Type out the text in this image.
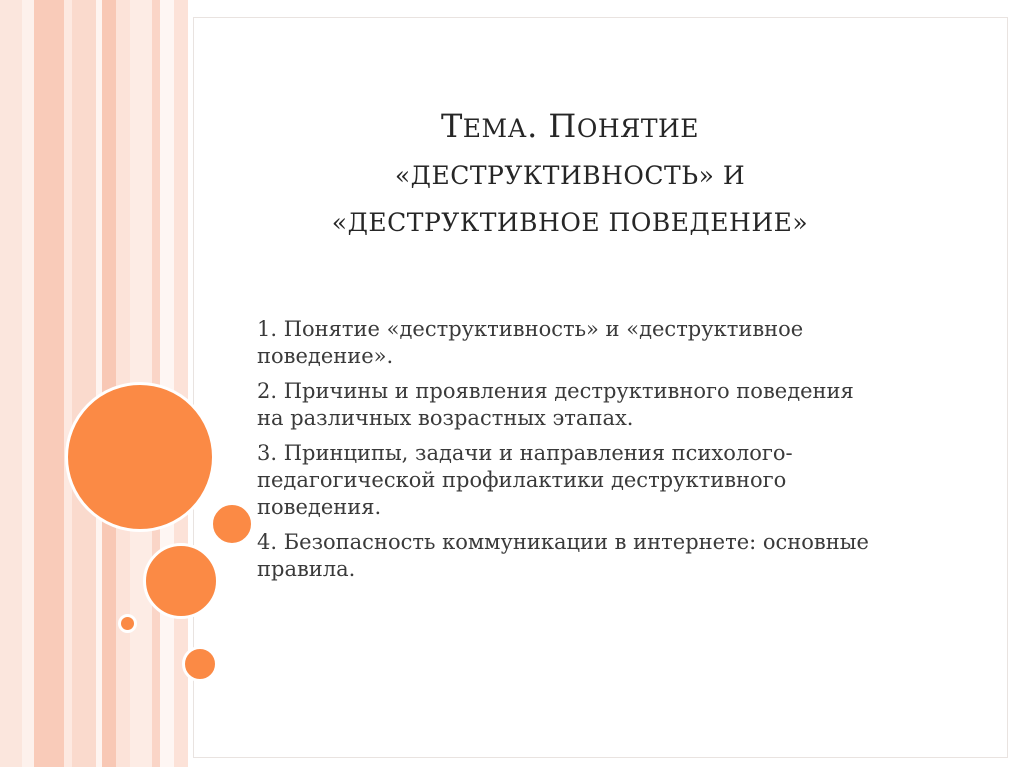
ТЕМА. ПОНЯТИЕ
«ДЕСТРУКТИВНОСТЬ» И
«ДЕСТРУКТИВНОЕ ПОВЕДЕНИЕ»
1. Понятие «деструктивность» и «деструктивное
поведение».
2. Причины и проявления деструктивного поведения
на различных возрастных этапах.
3. Принципы, задачи и направления психолого-
педагогической профилактики деструктивного
поведения.
4. Безопасность коммуникации в интернете: основные
правила.
